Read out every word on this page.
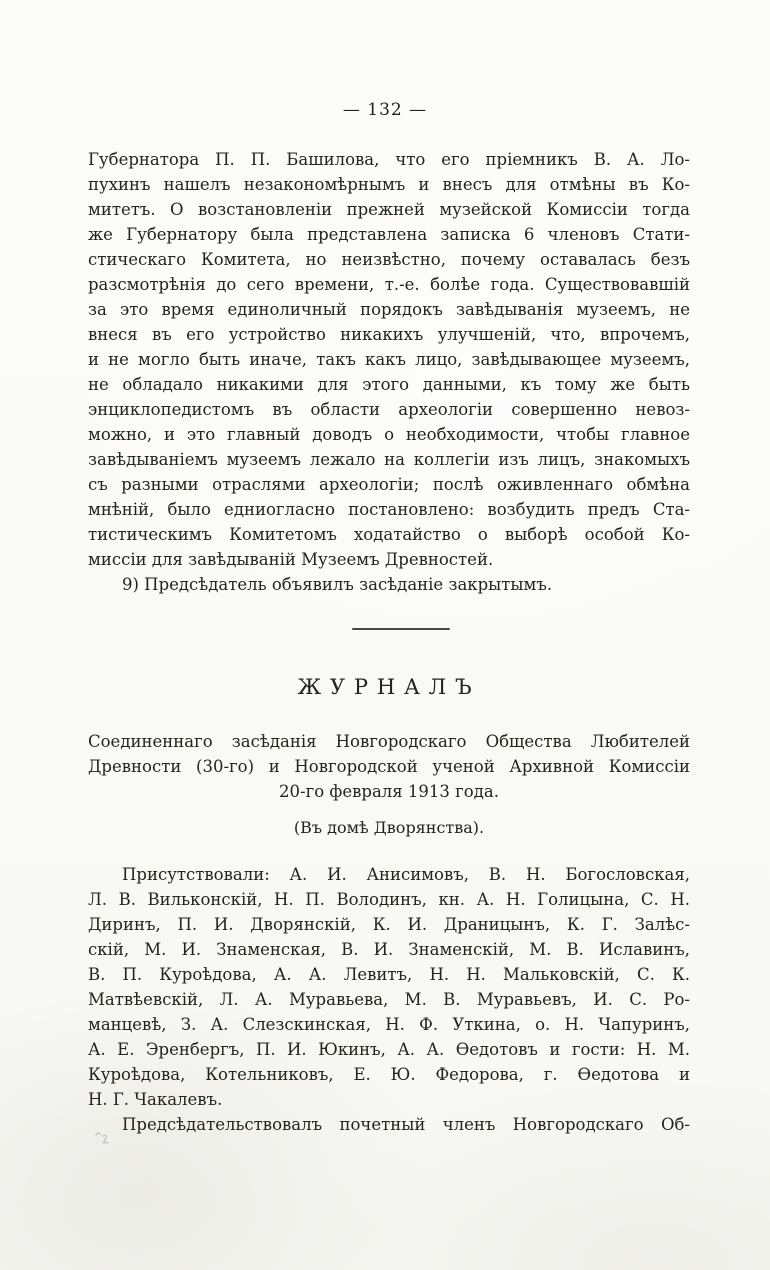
— 132 —
Губернатора П. П. Башилова, что его пріемникъ В. А. Ло-
пухинъ нашелъ незакономѣрнымъ и внесъ для отмѣны въ Ко-
митетъ. О возстановленіи прежней музейской Комиссіи тогда
же Губернатору была представлена записка 6 членовъ Стати-
стическаго Комитета, но неизвѣстно, почему оставалась безъ
разсмотрѣнія до сего времени, т.-е. болѣе года. Существовавшій
за это время единоличный порядокъ завѣдыванія музеемъ, не
внеся въ его устройство никакихъ улучшеній, что, впрочемъ,
и не могло быть иначе, такъ какъ лицо, завѣдывающее музеемъ,
не обладало никакими для этого данными, къ тому же быть
энциклопедистомъ въ области археологіи совершенно невоз-
можно, и это главный доводъ о необходимости, чтобы главное
завѣдываніемъ музеемъ лежало на коллегіи изъ лицъ, знакомыхъ
съ разными отраслями археологіи; послѣ оживленнаго обмѣна
мнѣній, было едниогласно постановлено: возбудить предъ Ста-
тистическимъ Комитетомъ ходатайство о выборѣ особой Ко-
миссіи для завѣдываній Музеемъ Древностей.
9) Предсѣдатель объявилъ засѣданіе закрытымъ.
ЖУРНАЛЪ
Соединеннаго засѣданія Новгородскаго Общества Любителей
Древности (30-го) и Новгородской ученой Архивной Комиссіи
20-го февраля 1913 года.
(Въ домѣ Дворянства).
Присутствовали: А. И. Анисимовъ, В. Н. Богословская,
Л. В. Вильконскій, Н. П. Володинъ, кн. А. Н. Голицына, С. Н.
Диринъ, П. И. Дворянскій, К. И. Драницынъ, К. Г. Залѣс-
скій, М. И. Знаменская, В. И. Знаменскій, М. В. Иславинъ,
В. П. Куроѣдова, А. А. Левитъ, Н. Н. Мальковскій, С. К.
Матвѣевскій, Л. А. Муравьева, М. В. Муравьевъ, И. С. Ро-
манцевѣ, З. А. Слезскинская, Н. Ф. Уткина, о. Н. Чапуринъ,
А. Е. Эренбергъ, П. И. Юкинъ, А. А. Ѳедотовъ и гости: Н. М.
Куроѣдова, Котельниковъ, Е. Ю. Федорова, г. Ѳедотова и
Н. Г. Чакалевъ.
Предсѣдательствовалъ почетный членъ Новгородскаго Об-
